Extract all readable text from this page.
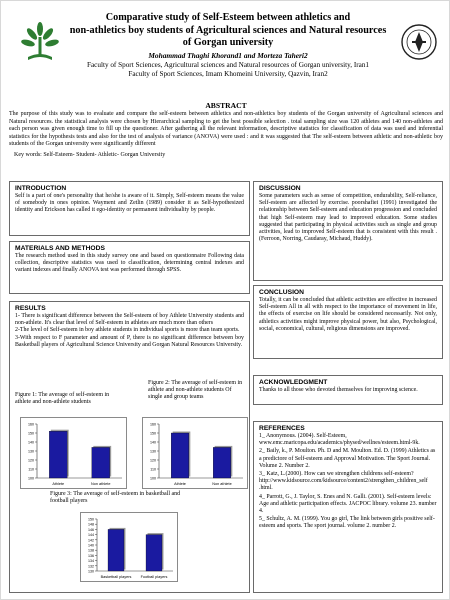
Comparative study of Self-Esteem between athletics and
non-athletics boy students of Agricultural sciences and Natural resources
of Gorgan university
Mohammad Thaghi Khorand1 and Morteza Taheri2
Faculty of Sport Sciences, Agricultural sciences and Natural resources of Gorgan university, Iran1
Faculty of Sport Sciences, Imam Khomeini University, Qazvin, Iran2
ABSTRACT
The purpose of this study was to evaluate and compare the self-esteem between athletics and non-athletics boy students of the Gorgan university of Agricultural sciences and Natural resources. the statistical analysis were chosen by Hierarchical sampling to get the best possible selection . total sampling size was 120 athletes and 140 non-athletes and each person was given enough time to fill up the questioner. After gathering all the relevant information, descriptive statistics for classification of data was used and inferential statistics for the hypothesis tests and also for the test of analysis of variance (ANOVA) were used : and it was suggested that The self-esteem between athletic and non-athletic boy students of the Gorgan university were significantly different
Key words: Self-Esteem- Student- Athletic- Gorgan University
INTRODUCTION

Self is a part of one's personality that he/she is aware of it. Simply, Self-esteem means the value of somebody in ones opinion. Wayment and Zetlin (1989) consider it as Self-hypothesized identity and Erickson has called it ego-identity or permanent individuality by people.

MATERIALS AND METHODS

The research method used in this study survey one and based on questionnaire Following data collection, descriptive statistics was used to classification, determining central indexes and variant indexes and finally ANOVA test was performed through SPSS.

RESULTS

1- There is significant difference between the Self-esteem of boy Athlete University students and non-athlete. It's clear that level of Self-esteem in athletes are much more than others

2-The level of Self-esteem in boy athlete students in individual sports is more than team sports.

3-With respect to F parameter and amount of P, there is no significant difference between boy Basketball players of Agricultural Science University and Gorgan Natural Resources University.

Figure 1: The average of self-esteem in athlete and non-athlete students
Figure 2: The average of self-esteem in athlete and non-athlete students Of single and group teams
100
110
120
130
140
150
160
Athlete	Non athlete
100
110
120
130
140
150
160
Athlete	Non athlete
Figure 3: The average of self-esteem in basketball and football players
130
132
134
136
138
140
142
144
146
148
150
Basketball players Football players
DISCUSSION

Some parameters such as sense of competition, endurability, Self-reliance, Self-esteem are affected by exercise. poorshafiei (1991) investigated the relationship between Self-esteem and education progression and concluded that high Self-esteem may lead to improved education. Some studies suggested that participating in physical activities such as single and group activities, lead to improved Self-esteem that is consistent with this result .(Ferroon, Norring, Caudaray, Michaud, Huddy).

CONCLUSION

Totally, it can be concluded that athletic activities are effective in increased Self-esteem All in all with respect to the importance of movement in life, the effects of exercise on life should be considered necessarily. Not only, athletics activities might improve physical power, but also, Psychological, social, economical, cultural, religious dimensions are improved.

ACKNOWLEDGMENT

Thanks to all those who devoted themselves for improving science.

REFERENCES

1_ Anonymous. (2004). Self-Esteem, www.emc.maricopa.edu/academics/physed/wellnes/esteem.html-9k.

2_ Baily, k., P. Moulton. Ph. D and M. Moulton. Ed. D. (1999) Athletics as a predictore of Self-esteem and Approval Motivation. The Sport Journal. Volume 2. Number 2.

3_ Katz, L.(2000). How can we strengthen childrens self-esteem? http://www.kidsource.com/kidsource/content2/strengthen_children_self .html.

4_ Parrott, G., J. Taylor, S. Enes and N. Galli. (2001). Self-esteem levels: Age and athletic participation effects. JACPOC library. volume 23. number 4.

5_ Schultz, A. M. (1999). You go girl, The link between girls positive self-esteem and sports. The sport journal. volume 2. number 2.
